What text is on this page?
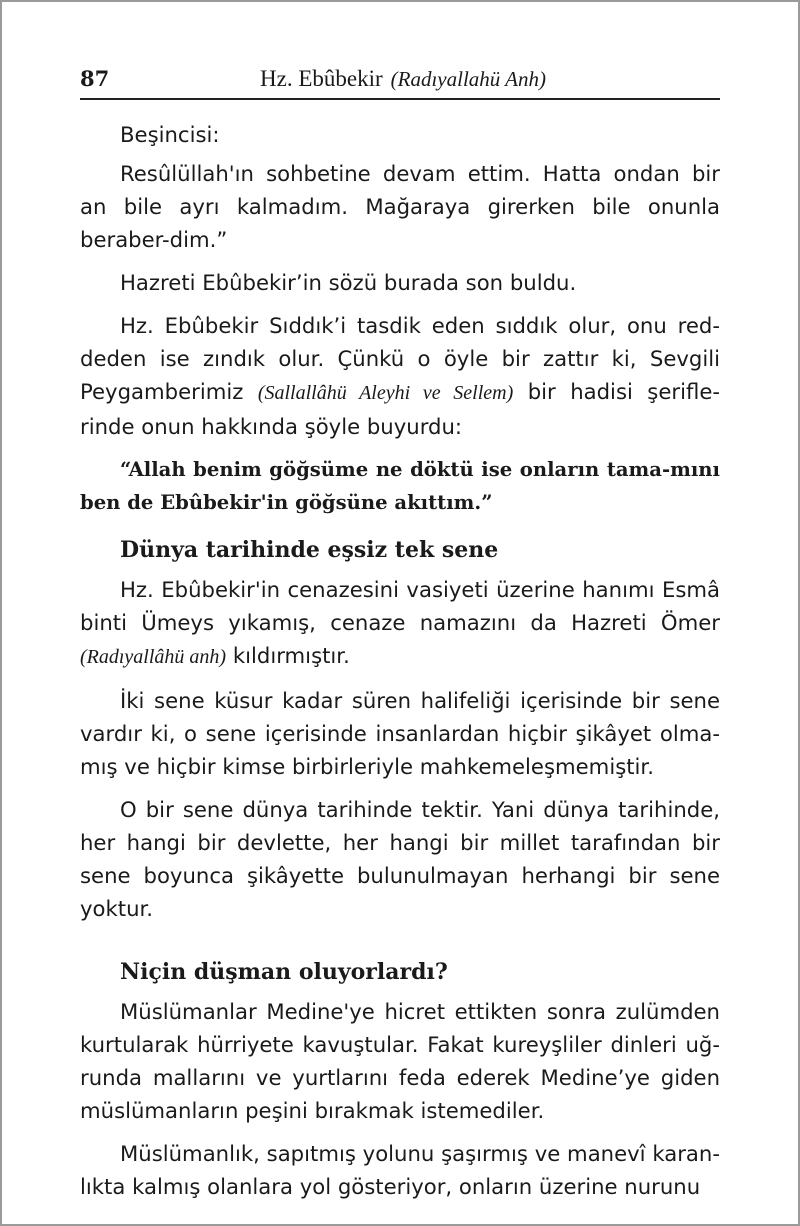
87	Hz. Ebûbekir (Radıyallahü Anh)

Beşincisi:

Resûlüllah'ın sohbetine devam ettim. Hatta ondan bir an bile ayrı kalmadım. Mağaraya girerken bile onunla beraber-dim.”

Hazreti Ebûbekir’in sözü burada son buldu.

Hz. Ebûbekir Sıddık’i tasdik eden sıddık olur, onu red-deden ise zındık olur. Çünkü o öyle bir zattır ki, Sevgili Peygamberimiz (Sallallâhü Aleyhi ve Sellem) bir hadisi şerifle-rinde onun hakkında şöyle buyurdu:

“Allah benim göğsüme ne döktü ise onların tama-mını ben de Ebûbekir'in göğsüne akıttım.”

Dünya tarihinde eşsiz tek sene

Hz. Ebûbekir'in cenazesini vasiyeti üzerine hanımı Esmâ binti Ümeys yıkamış, cenaze namazını da Hazreti Ömer (Radıyallâhü anh) kıldırmıştır.

İki sene küsur kadar süren halifeliği içerisinde bir sene vardır ki, o sene içerisinde insanlardan hiçbir şikâyet olma-mış ve hiçbir kimse birbirleriyle mahkemeleşmemiştir.

O bir sene dünya tarihinde tektir. Yani dünya tarihinde, her hangi bir devlette, her hangi bir millet tarafından bir sene boyunca şikâyette bulunulmayan herhangi bir sene yoktur.

Niçin düşman oluyorlardı?

Müslümanlar Medine'ye hicret ettikten sonra zulümden kurtularak hürriyete kavuştular. Fakat kureyşliler dinleri uğ-runda mallarını ve yurtlarını feda ederek Medine’ye giden müslümanların peşini bırakmak istemediler.

Müslümanlık, sapıtmış yolunu şaşırmış ve manevî karan-lıkta kalmış olanlara yol gösteriyor, onların üzerine nurunu
